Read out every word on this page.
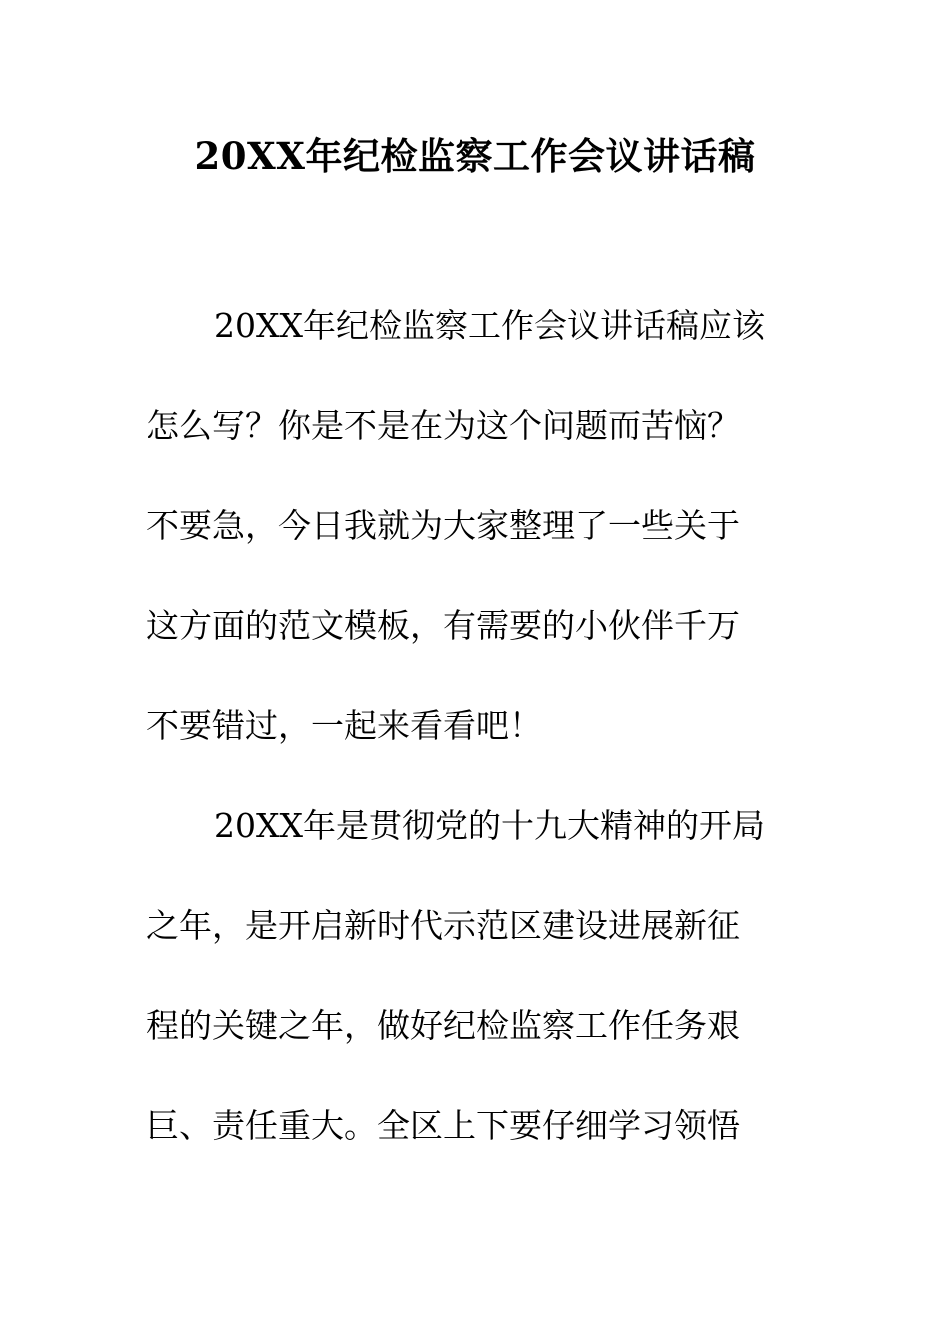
20XX年纪检监察工作会议讲话稿

20XX年纪检监察工作会议讲话稿应该

怎么写？你是不是在为这个问题而苦恼？

不要急，今日我就为大家整理了一些关于

这方面的范文模板，有需要的小伙伴千万

不要错过，一起来看看吧！

20XX年是贯彻党的十九大精神的开局

之年，是开启新时代示范区建设进展新征

程的关键之年，做好纪检监察工作任务艰

巨、责任重大。全区上下要仔细学习领悟
